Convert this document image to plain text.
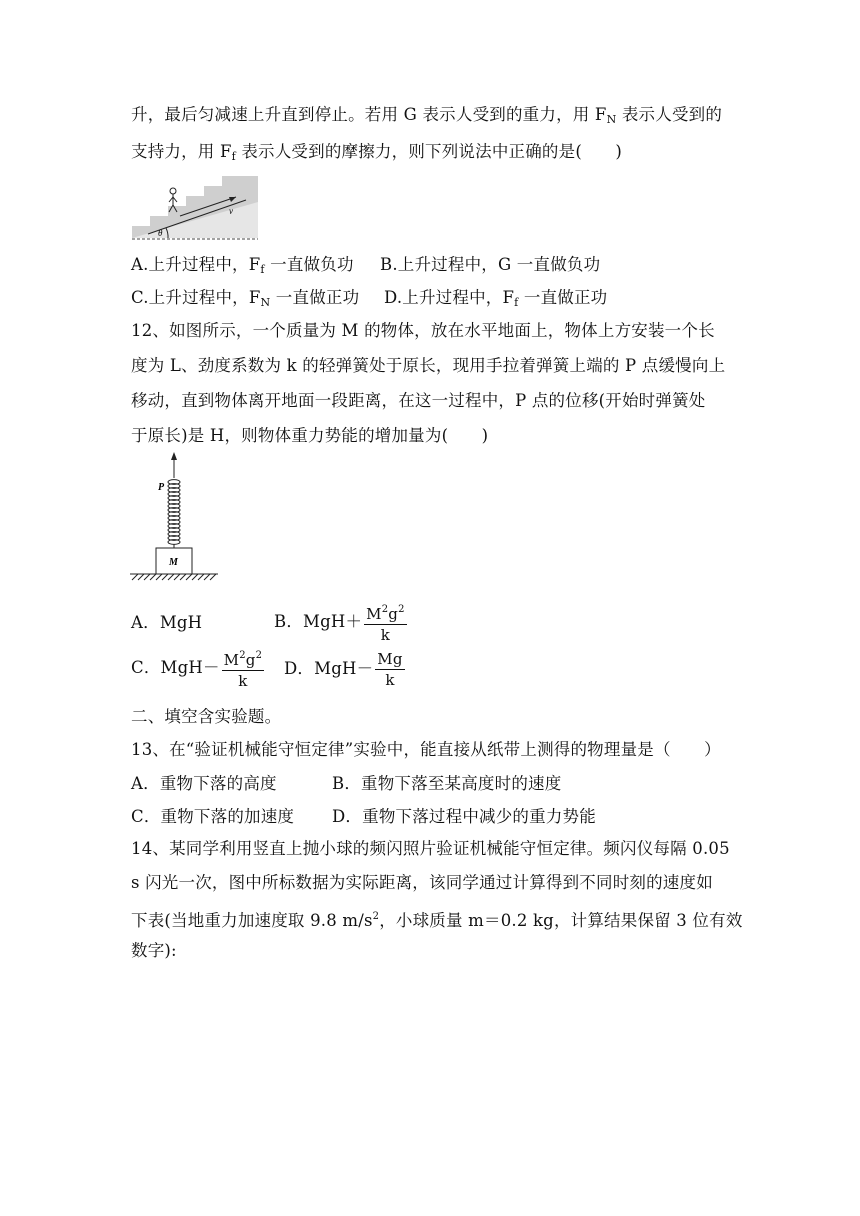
升，最后匀减速上升直到停止。若用 G 表示人受到的重力，用 $F_N$ 表示人受到的
支持力，用 $F_f$ 表示人受到的摩擦力，则下列说法中正确的是(　　)
v
θ
A.上升过程中，$F_f$ 一直做负功 B.上升过程中，G 一直做负功
C.上升过程中，$F_N$ 一直做正功 D.上升过程中，$F_f$ 一直做正功
12、如图所示，一个质量为 M 的物体，放在水平地面上，物体上方安装一个长
度为 L、劲度系数为 k 的轻弹簧处于原长，现用手拉着弹簧上端的 P 点缓慢向上
移动，直到物体离开地面一段距离，在这一过程中，P 点的位移(开始时弹簧处
于原长)是 H，则物体重力势能的增加量为(　　)
P
M
A．MgH	B．$MgH+ \frac{M^2g^2}{k}$
C．$MgH- \frac{M^2g^2}{k}$ D．$MgH- \frac{Mg}{k}$
二、填空含实验题。
13、在“验证机械能守恒定律”实验中，能直接从纸带上测得的物理量是（　　）
A．重物下落的高度	B．重物下落至某高度时的速度
C．重物下落的加速度 D．重物下落过程中减少的重力势能
14、某同学利用竖直上抛小球的频闪照片验证机械能守恒定律。频闪仪每隔 0.05
s 闪光一次，图中所标数据为实际距离，该同学通过计算得到不同时刻的速度如
下表(当地重力加速度取 9.8 $m/s^2$，小球质量 m＝0.2 kg，计算结果保留 3 位有效
数字):
